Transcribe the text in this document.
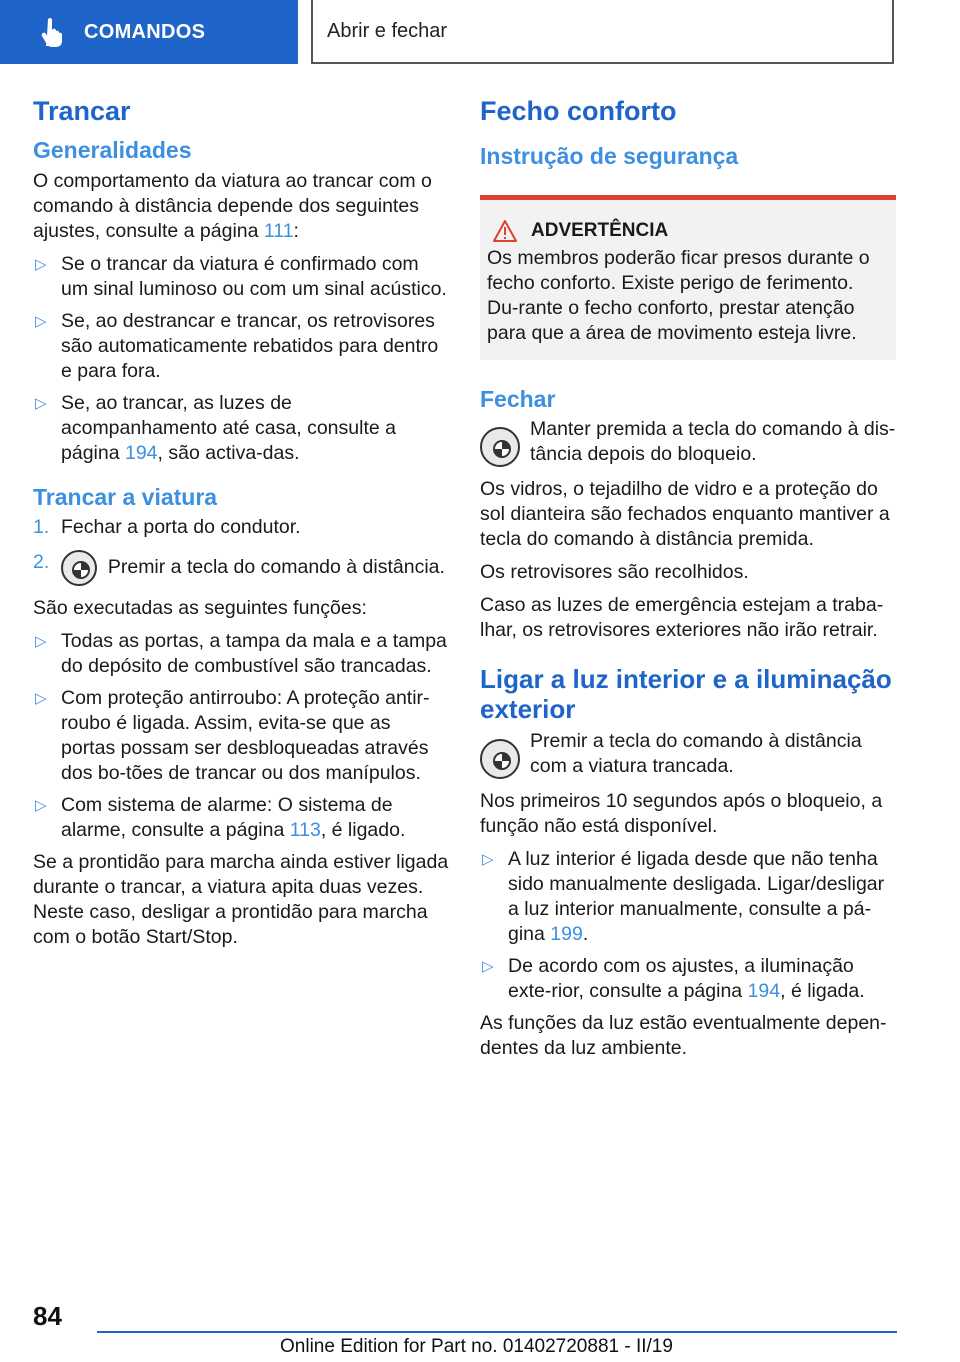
COMANDOS	Abrir e fechar
Trancar
Generalidades

O comportamento da viatura ao trancar com o comando à distância depende dos seguintes ajustes, consulte a página 111:

▷ Se o trancar da viatura é confirmado com um sinal luminoso ou com um sinal acústico.
▷ Se, ao destrancar e trancar, os retrovisores são automaticamente rebatidos para dentro e para fora.
▷ Se, ao trancar, as luzes de acompanhamento até casa, consulte a página 194, são activa-das.
Trancar a viatura
1. Fechar a porta do condutor.
2.	Premir a tecla do comando à distância.

São executadas as seguintes funções:

▷ Todas as portas, a tampa da mala e a tampa do depósito de combustível são trancadas.
▷ Com proteção antirroubo: A proteção antir-roubo é ligada. Assim, evita-se que as portas possam ser desbloqueadas através dos bo-tões de trancar ou dos manípulos.
▷ Com sistema de alarme: O sistema de alarme, consulte a página 113, é ligado.

Se a prontidão para marcha ainda estiver ligada durante o trancar, a viatura apita duas vezes.

Neste caso, desligar a prontidão para marcha com o botão Start/Stop.

Fecho conforto
Instrução de segurança
ADVERTÊNCIA

Os membros poderão ficar presos durante o fecho conforto. Existe perigo de ferimento. Du-rante o fecho conforto, prestar atenção para que a área de movimento esteja livre.

Fechar

Manter premida a tecla do comando à dis-tância depois do bloqueio.

Os vidros, o tejadilho de vidro e a proteção do sol dianteira são fechados enquanto mantiver a tecla do comando à distância premida.

Os retrovisores são recolhidos.

Caso as luzes de emergência estejam a traba-lhar, os retrovisores exteriores não irão retrair.

Ligar a luz interior e a iluminação exterior

Premir a tecla do comando à distância com a viatura trancada.

Nos primeiros 10 segundos após o bloqueio, a função não está disponível.

▷ A luz interior é ligada desde que não tenha sido manualmente desligada. Ligar/desligar a luz interior manualmente, consulte a pá-gina 199.
▷ De acordo com os ajustes, a iluminação exte-rior, consulte a página 194, é ligada.

As funções da luz estão eventualmente depen-dentes da luz ambiente.

84
Online Edition for Part no. 01402720881 - II/19
